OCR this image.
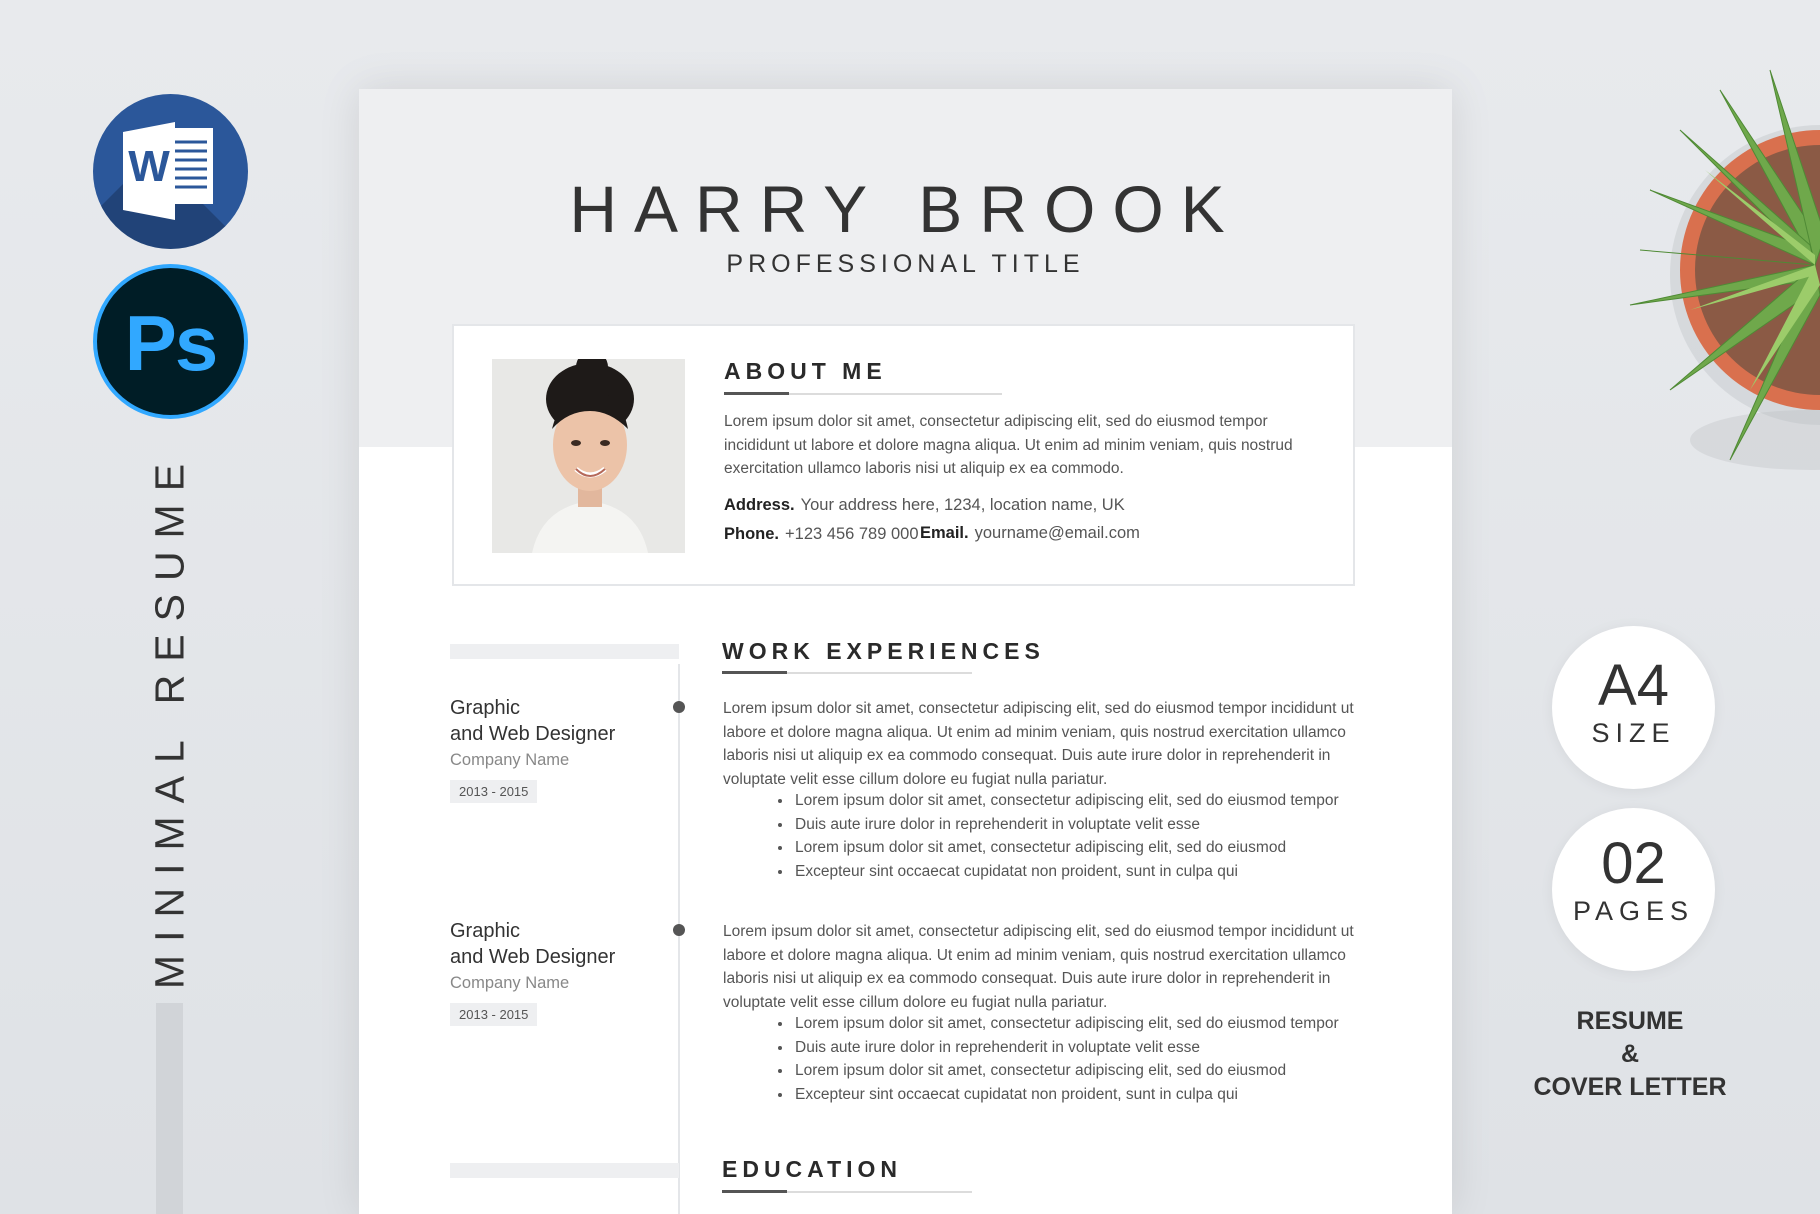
W
Ps
MINIMAL RESUME
HARRY BROOK
PROFESSIONAL TITLE
ABOUT ME
Lorem ipsum dolor sit amet, consectetur adipiscing elit, sed do eiusmod tempor incididunt ut labore et dolore magna aliqua. Ut enim ad minim veniam, quis nostrud exercitation ullamco laboris nisi ut aliquip ex ea commodo.
Address. Your address here, 1234, location name, UK
Phone. +123 456 789 000 Email. yourname@email.com
WORK EXPERIENCES
Graphic
and Web Designer
Company Name
2013 - 2015
Lorem ipsum dolor sit amet, consectetur adipiscing elit, sed do eiusmod tempor incididunt ut labore et dolore magna aliqua. Ut enim ad minim veniam, quis nostrud exercitation ullamco laboris nisi ut aliquip ex ea commodo consequat. Duis aute irure dolor in reprehenderit in voluptate velit esse cillum dolore eu fugiat nulla pariatur.
• Lorem ipsum dolor sit amet, consectetur adipiscing elit, sed do eiusmod tempor
• Duis aute irure dolor in reprehenderit in voluptate velit esse
• Lorem ipsum dolor sit amet, consectetur adipiscing elit, sed do eiusmod
• Excepteur sint occaecat cupidatat non proident, sunt in culpa qui
Graphic
and Web Designer
Company Name
2013 - 2015
Lorem ipsum dolor sit amet, consectetur adipiscing elit, sed do eiusmod tempor incididunt ut labore et dolore magna aliqua. Ut enim ad minim veniam, quis nostrud exercitation ullamco laboris nisi ut aliquip ex ea commodo consequat. Duis aute irure dolor in reprehenderit in voluptate velit esse cillum dolore eu fugiat nulla pariatur.
• Lorem ipsum dolor sit amet, consectetur adipiscing elit, sed do eiusmod tempor
• Duis aute irure dolor in reprehenderit in voluptate velit esse
• Lorem ipsum dolor sit amet, consectetur adipiscing elit, sed do eiusmod
• Excepteur sint occaecat cupidatat non proident, sunt in culpa qui
EDUCATION
A4
SIZE
02
PAGES
RESUME
&
COVER LETTER
